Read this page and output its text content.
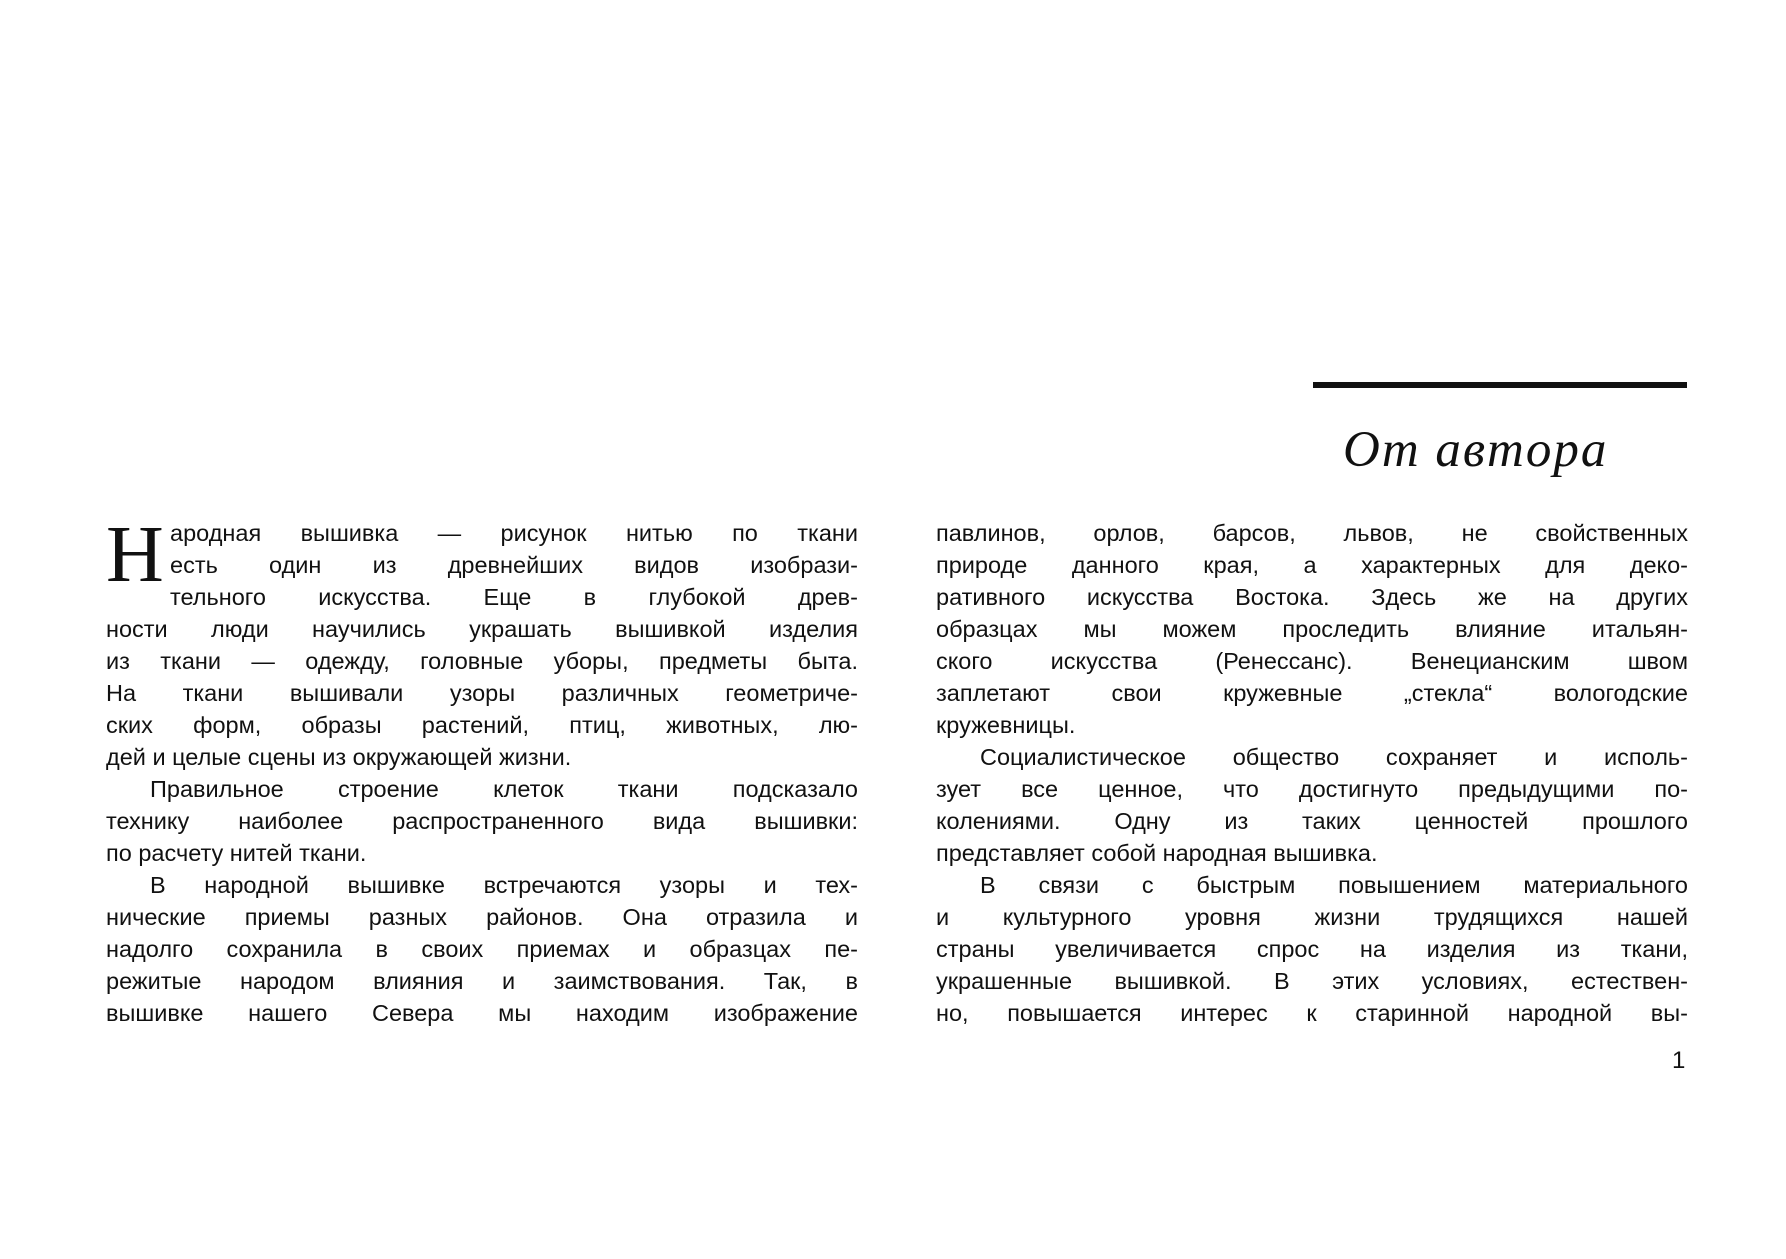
От автора
Н ародная вышивка — рисунок нитью по ткани
есть один из древнейших видов изобрази-
тельного искусства. Еще в глубокой древ-
ности люди научились украшать вышивкой изделия
из ткани — одежду, головные уборы, предметы быта.
На ткани вышивали узоры различных геометриче-
ских форм, образы растений, птиц, животных, лю-
дей и целые сцены из окружающей жизни.
Правильное строение клеток ткани подсказало
технику наиболее распространенного вида вышивки:
по расчету нитей ткани.
В народной вышивке встречаются узоры и тех-
нические приемы разных районов. Она отразила и
надолго сохранила в своих приемах и образцах пе-
режитые народом влияния и заимствования. Так, в
вышивке нашего Севера мы находим изображение
павлинов, орлов, барсов, львов, не свойственных
природе данного края, а характерных для деко-
ративного искусства Востока. Здесь же на других
образцах мы можем проследить влияние итальян-
ского искусства (Ренессанс). Венецианским швом
заплетают свои кружевные „стекла“ вологодские
кружевницы.
Социалистическое общество сохраняет и исполь-
зует все ценное, что достигнуто предыдущими по-
колениями. Одну из таких ценностей прошлого
представляет собой народная вышивка.
В связи с быстрым повышением материального
и культурного уровня жизни трудящихся нашей
страны увеличивается спрос на изделия из ткани,
украшенные вышивкой. В этих условиях, естествен-
но, повышается интерес к старинной народной вы-
1
